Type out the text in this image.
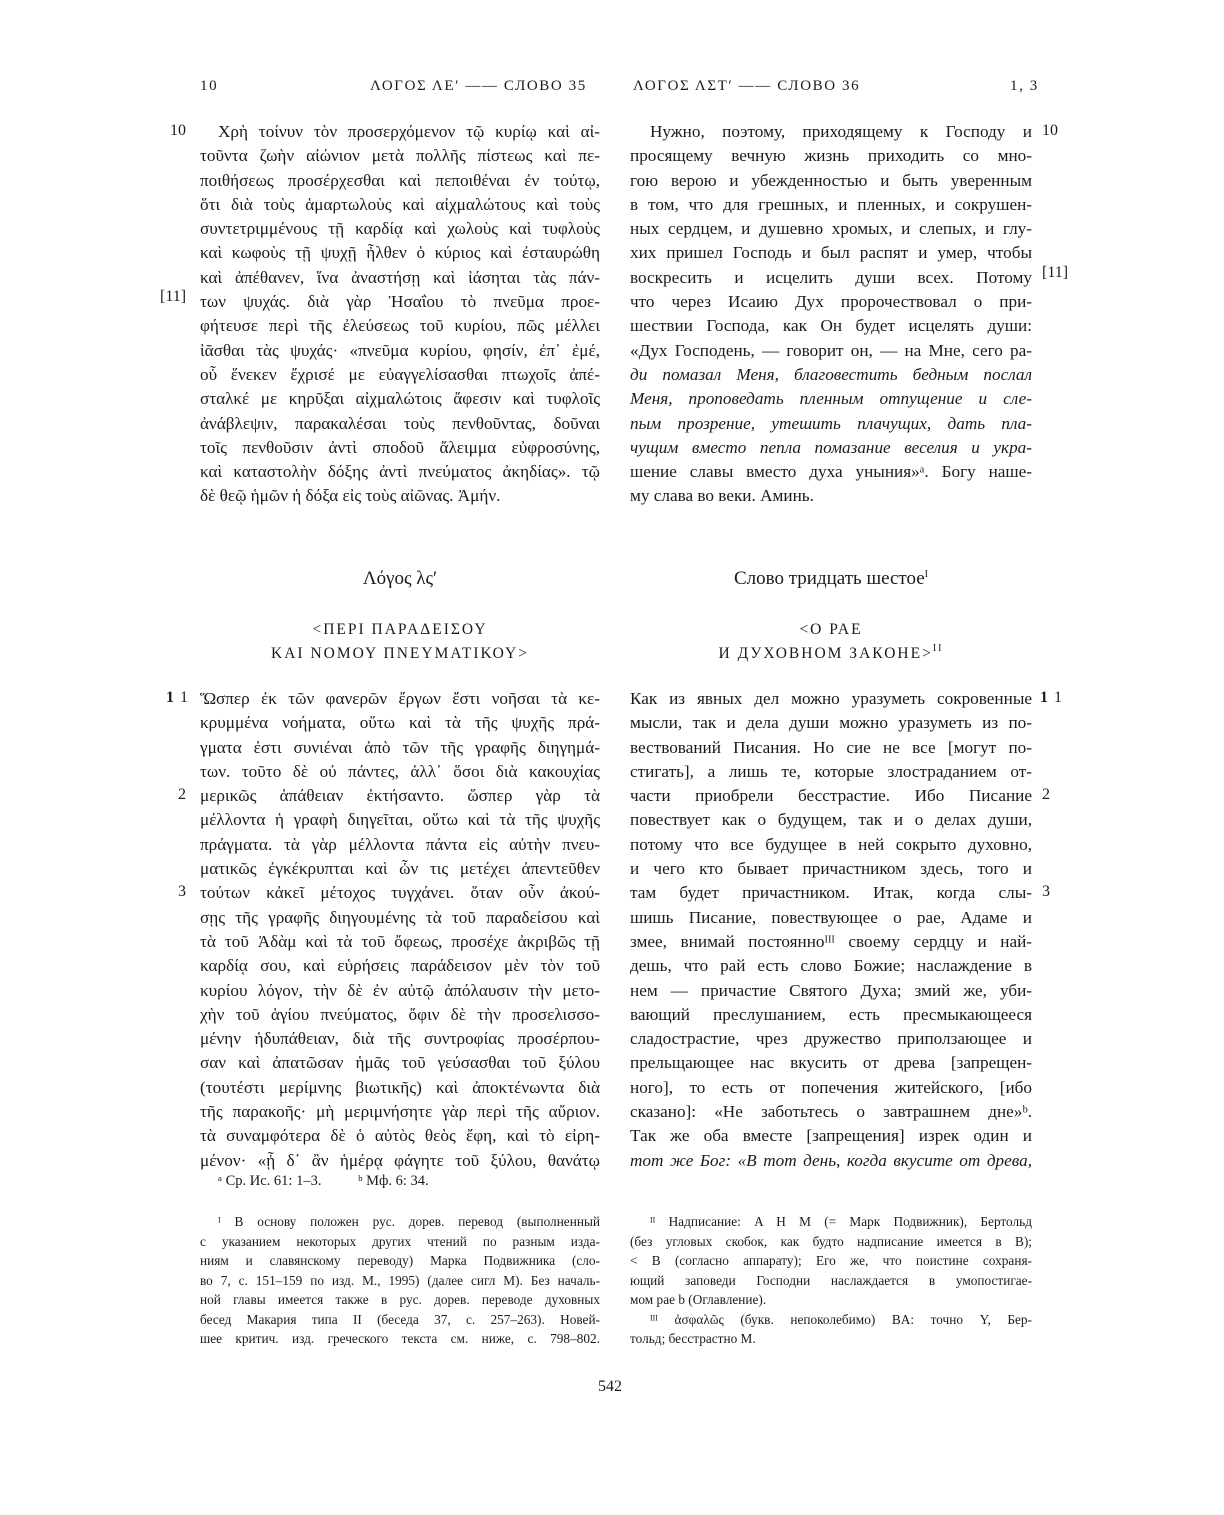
10	ΛΟΓΟΣ ΛΕʹ ―― СЛОВО 35	ΛΟΓΟΣ ΛΣΤʹ ―― СЛОВО 36	1, 3
10
[11]
Χρὴ τοίνυν τὸν προσερχόμενον τῷ κυρίῳ καὶ αἰ-
τοῦντα ζωὴν αἰώνιον μετὰ πολλῆς πίστεως καὶ πε-
ποιθήσεως προσέρχεσθαι καὶ πεποιθέναι ἐν τούτῳ,
ὅτι διὰ τοὺς ἁμαρτωλοὺς καὶ αἰχμαλώτους καὶ τοὺς
συντετριμμένους τῇ καρδίᾳ καὶ χωλοὺς καὶ τυφλοὺς
καὶ κωφοὺς τῇ ψυχῇ ἦλθεν ὁ κύριος καὶ ἐσταυρώθη
καὶ ἀπέθανεν, ἵνα ἀναστήσῃ καὶ ἰάσηται τὰς πάν-
των ψυχάς. διὰ γὰρ Ἡσαΐου τὸ πνεῦμα προε-
φήτευσε περὶ τῆς ἐλεύσεως τοῦ κυρίου, πῶς μέλλει
ἰᾶσθαι τὰς ψυχάς· «πνεῦμα κυρίου, φησίν, ἐπ᾽ ἐμέ,
οὗ ἕνεκεν ἔχρισέ με εὐαγγελίσασθαι πτωχοῖς ἀπέ-
σταλκέ με κηρῦξαι αἰχμαλώτοις ἄφεσιν καὶ τυφλοῖς
ἀνάβλεψιν, παρακαλέσαι τοὺς πενθοῦντας, δοῦναι
τοῖς πενθοῦσιν ἀντὶ σποδοῦ ἄλειμμα εὐφροσύνης,
καὶ καταστολὴν δόξης ἀντὶ πνεύματος ἀκηδίας». τῷ
δὲ θεῷ ἡμῶν ἡ δόξα εἰς τοὺς αἰῶνας. Ἀμήν.
Нужно, поэтому, приходящему к Господу и
просящему вечную жизнь приходить со мно-
гою верою и убежденностью и быть уверенным
в том, что для грешных, и пленных, и сокрушен-
ных сердцем, и душевно хромых, и слепых, и глу-
хих пришел Господь и был распят и умер, чтобы
воскресить и исцелить души всех. Потому
что через Исаию Дух пророчествовал о при-
шествии Господа, как Он будет исцелять души:
«Дух Господень, — говорит он, — на Мне, сего ра-
ди помазал Меня, благовестить бедным послал
Меня, проповедать пленным отпущение и сле-
пым прозрение, утешить плачущих, дать пла-
чущим вместо пепла помазание веселия и укра-
шение славы вместо духа уныния»ᵃ. Богу наше-
му слава во веки. Аминь.
10
[11]
Λόγος λςʹ
<ΠΕΡΙ ΠΑΡΑΔΕΙΣΟΥ
ΚΑΙ ΝΟΜΟΥ ΠΝΕΥΜΑΤΙΚΟΥ>
Слово тридцать шестое$^I$
<О РАЕ
И ДУХОВНОМ ЗАКОНЕ>$^{II}$
1 1
2
3
Ὥσπερ ἐκ τῶν φανερῶν ἔργων ἔστι νοῆσαι τὰ κε-
κρυμμένα νοήματα, οὕτω καὶ τὰ τῆς ψυχῆς πρά-
γματα ἐστι συνιέναι ἀπὸ τῶν τῆς γραφῆς διηγημά-
των. τοῦτο δὲ οὐ πάντες, ἀλλ᾽ ὅσοι διὰ κακουχίας
μερικῶς ἀπάθειαν ἐκτήσαντο. ὥσπερ γὰρ τὰ
μέλλοντα ἡ γραφὴ διηγεῖται, οὕτω καὶ τὰ τῆς ψυχῆς
πράγματα. τὰ γὰρ μέλλοντα πάντα εἰς αὐτὴν πνευ-
ματικῶς ἐγκέκρυπται καὶ ὧν τις μετέχει ἀπεντεῦθεν
τούτων κἀκεῖ μέτοχος τυγχάνει. ὅταν οὖν ἀκού-
σῃς τῆς γραφῆς διηγουμένης τὰ τοῦ παραδείσου καὶ
τὰ τοῦ Ἀδὰμ καὶ τὰ τοῦ ὄφεως, προσέχε ἀκριβῶς τῇ
καρδίᾳ σου, καὶ εὑρήσεις παράδεισον μὲν τὸν τοῦ
κυρίου λόγον, τὴν δὲ ἐν αὐτῷ ἀπόλαυσιν τὴν μετο-
χὴν τοῦ ἁγίου πνεύματος, ὄφιν δὲ τὴν προσελισσο-
μένην ἡδυπάθειαν, διὰ τῆς συντροφίας προσέρπου-
σαν καὶ ἀπατῶσαν ἡμᾶς τοῦ γεύσασθαι τοῦ ξύλου
(τουτέστι μερίμνης βιωτικῆς) καὶ ἀποκτένωντα διὰ
τῆς παρακοῆς· μὴ μεριμνήσητε γὰρ περὶ τῆς αὔριον.
τὰ συναμφότερα δὲ ὁ αὐτὸς θεὸς ἔφη, καὶ τὸ εἰρη-
μένον· «ᾗ δ᾽ ἂν ἡμέρᾳ φάγητε τοῦ ξύλου, θανάτῳ
Как из явных дел можно уразуметь сокровенные
мысли, так и дела души можно уразуметь из по-
вествований Писания. Но сие не все [могут по-
стигать], а лишь те, которые злостраданием от-
части приобрели бесстрастие. Ибо Писание
повествует как о будущем, так и о делах души,
потому что все будущее в ней сокрыто духовно,
и чего кто бывает причастником здесь, того и
там будет причастником. Итак, когда слы-
шишь Писание, повествующее о рае, Адаме и
змее, внимай постоянноᴵᴵᴵ своему сердцу и най-
дешь, что рай есть слово Божие; наслаждение в
нем — причастие Святого Духа; змий же, уби-
вающий преслушанием, есть пресмыкающееся
сладострастие, чрез дружество приползающее и
прельщающее нас вкусить от древа [запрещен-
ного], то есть от попечения житейского, [ибо
сказано]: «Не заботьтесь о завтрашнем дне»ᵇ.
Так же оба вместе [запрещения] изрек один и
тот же Бог: «В тот день, когда вкусите от древа,
1 1
2
3
ᵃ Ср. Ис. 61: 1–3.	ᵇ Мф. 6: 34.
ᴵ В основу положен рус. дорев. перевод (выполненный
с указанием некоторых других чтений по разным изда-
ниям и славянскому переводу) Марка Подвижника (сло-
во 7, с. 151–159 по изд. М., 1995) (далее сигл M). Без началь-
ной главы имеется также в рус. дорев. переводе духовных
бесед Макария типа II (беседа 37, с. 257–263). Новей-
шее критич. изд. греческого текста см. ниже, с. 798–802.
ᴵᴵ Надписание: A H M (= Марк Подвижник), Бертольд
(без угловых скобок, как будто надписание имеется в B);
< B (согласно аппарату); Его же, что поистине сохраня-
ющий заповеди Господни наслаждается в умопостигае-
мом рае b (Оглавление).
ᴵᴵᴵ ἀσφαλῶς (букв. непоколебимо) BA: точно Y, Бер-
тольд; бесстрастно M.
542
